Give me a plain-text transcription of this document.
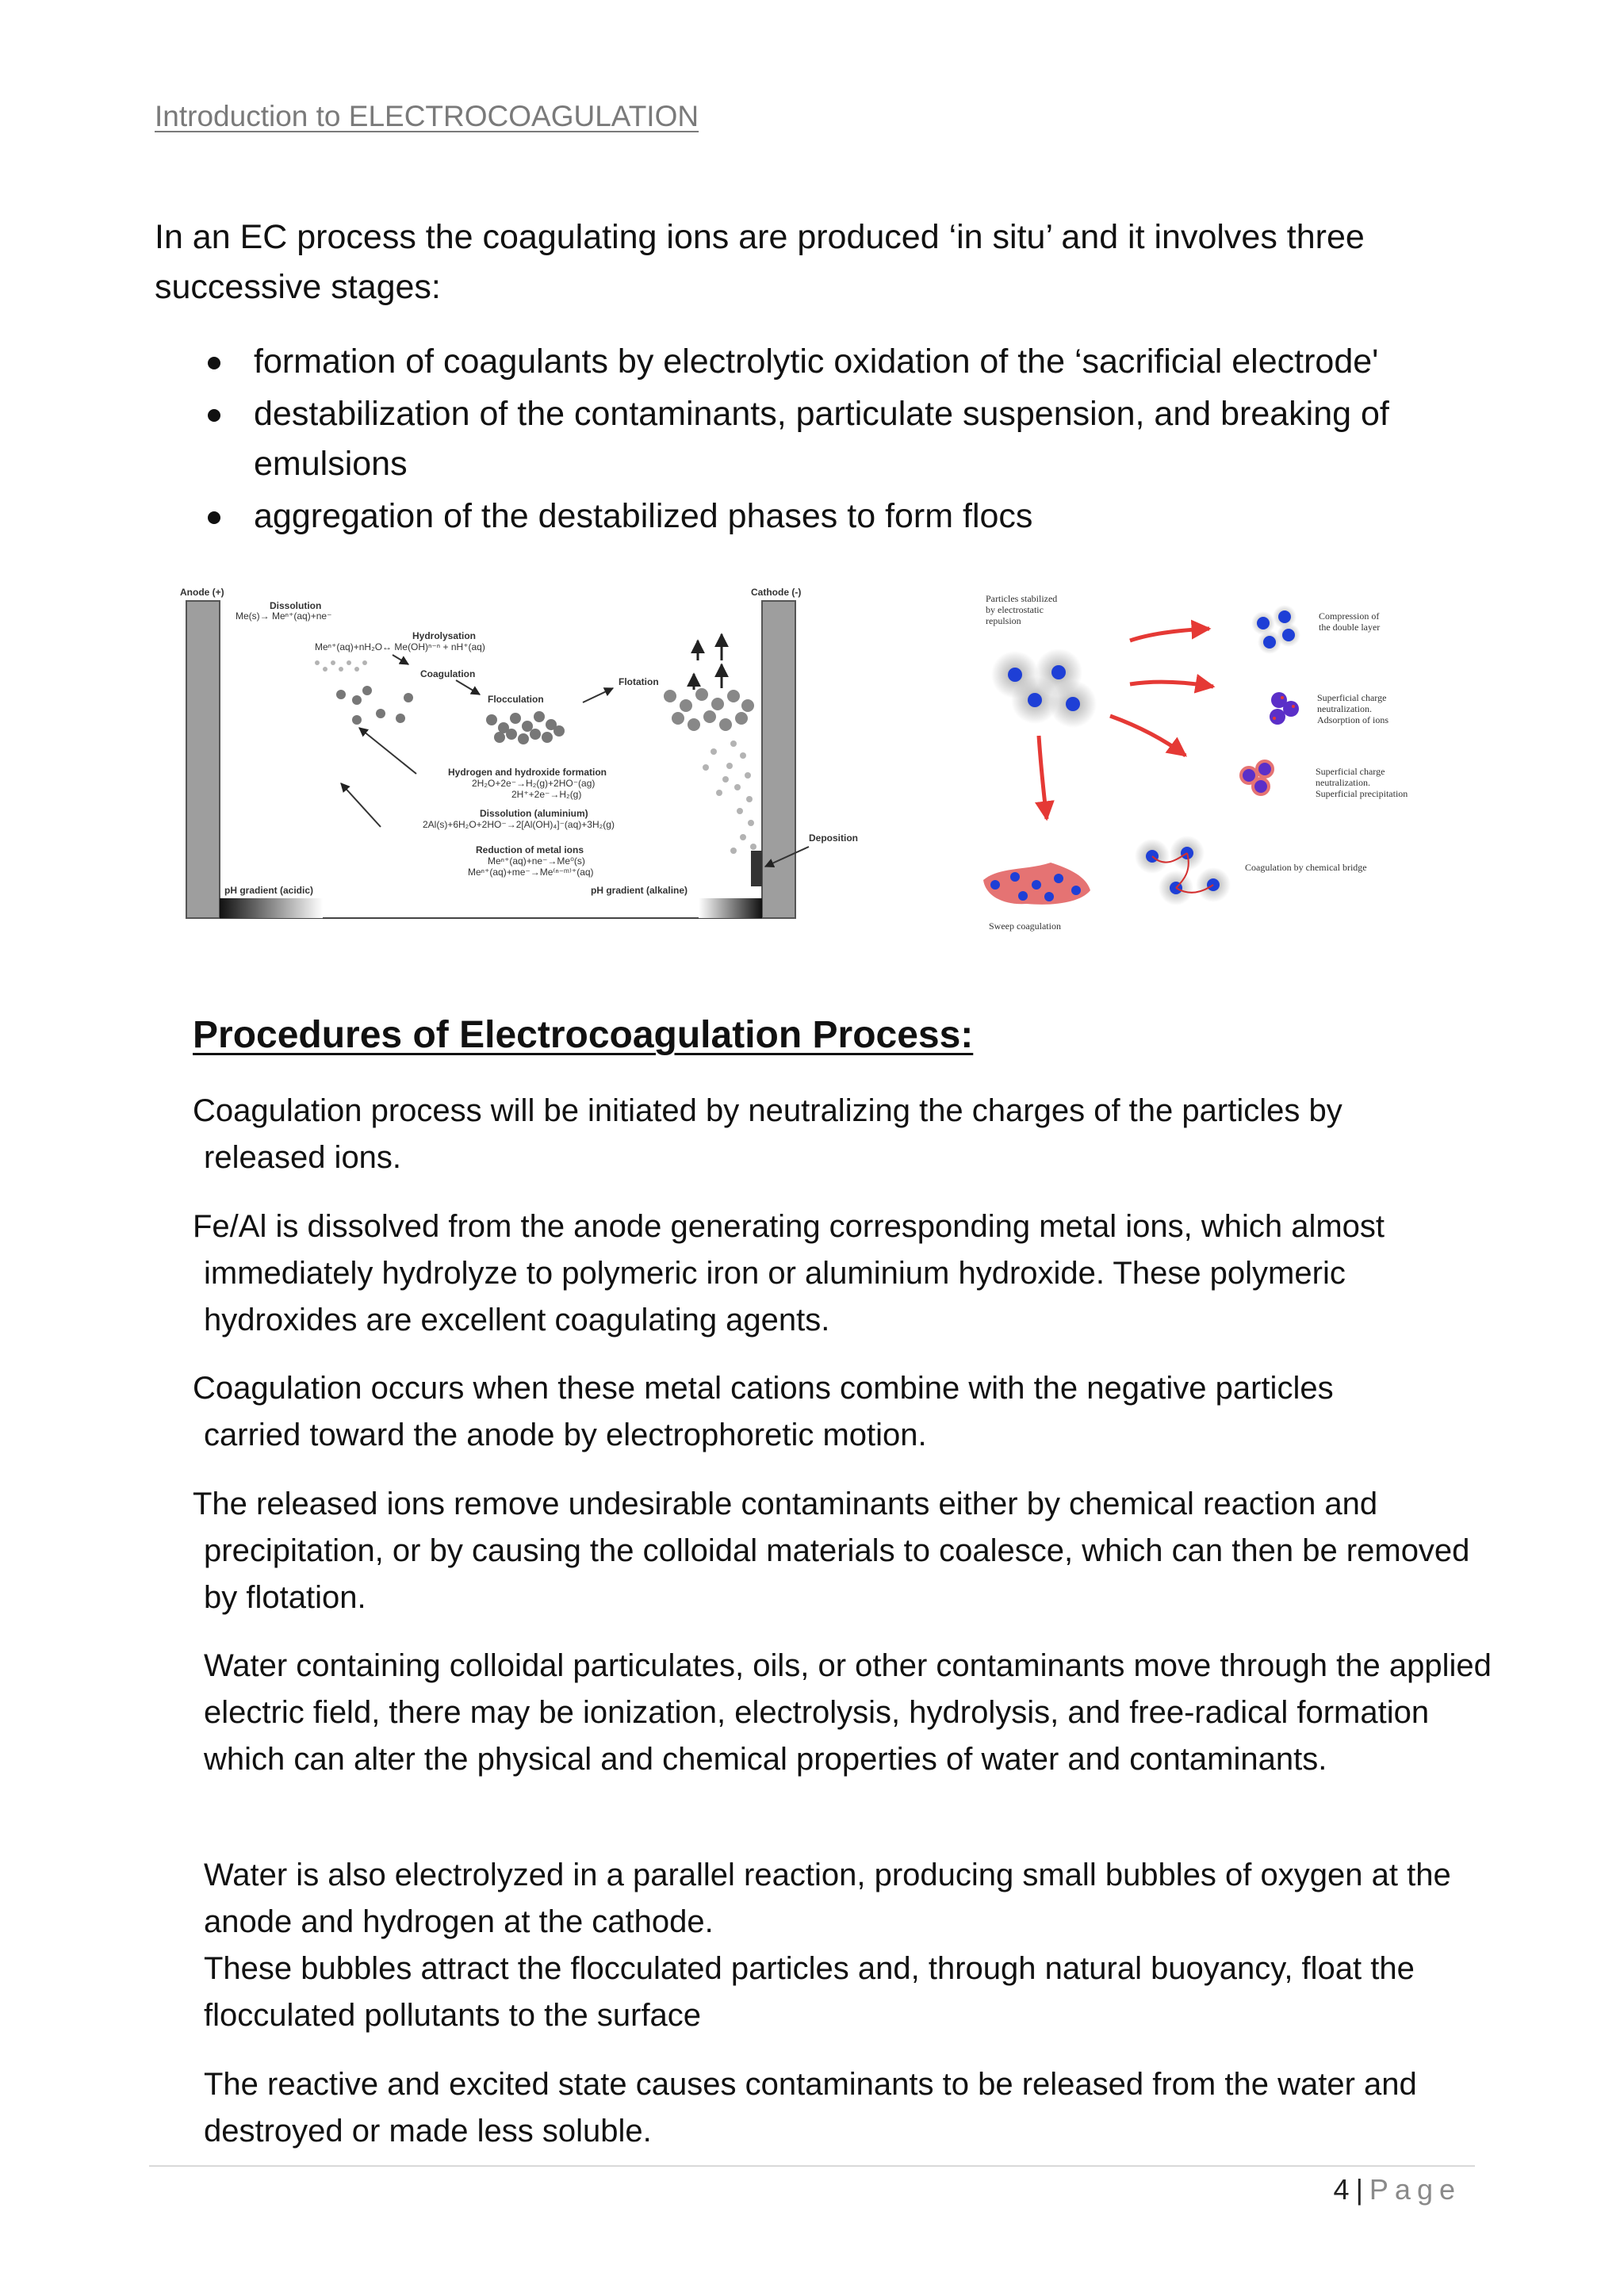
Introduction to ELECTROCOAGULATION
In an EC process the coagulating ions are produced ‘in situ’ and it involves three successive stages:
formation of coagulants by electrolytic oxidation of the ‘sacrificial electrode'
destabilization of the contaminants, particulate suspension, and breaking of emulsions
aggregation of the destabilized phases to form flocs
Anode (+)	Cathode (-)
Dissolution
Me(s)→ Meⁿ⁺(aq)+ne⁻
Hydrolysation
Meⁿ⁺(aq)+nH₂O↔ Me(OH)ⁿ⁻ⁿ + nH⁺(aq)
Coagulation
Flotation
Flocculation
Hydrogen and hydroxide formation
2H₂O+2e⁻→H₂(g)+2HO⁻(ag)
2H⁺+2e⁻→H₂(g)
Dissolution (aluminium)
2Al(s)+6H₂O+2HO⁻→2[Al(OH)₄]⁻(aq)+3H₂(g)
Reduction of metal ions
Meⁿ⁺(aq)+ne⁻→Me⁰(s)
Meⁿ⁺(aq)+me⁻→Me⁽ⁿ⁻ᵐ⁾⁺(aq)
Deposition
pH gradient (acidic)	pH gradient (alkaline)
Particles stabilized
by electrostatic
repulsion	Compression of
the double layer
Superficial charge
neutralization.
Adsorption of ions
Superficial charge
neutralization.
Superficial precipitation
Coagulation by chemical bridge
Sweep coagulation
Procedures of Electrocoagulation Process:
Coagulation process will be initiated by neutralizing the charges of the particles by
released ions.
Fe/Al is dissolved from the anode generating corresponding metal ions, which almost
immediately hydrolyze to polymeric iron or aluminium hydroxide. These polymeric hydroxides are excellent coagulating agents.
Coagulation occurs when these metal cations combine with the negative particles
carried toward the anode by electrophoretic motion.
The released ions remove undesirable contaminants either by chemical reaction and
precipitation, or by causing the colloidal materials to coalesce, which can then be removed by flotation.
Water containing colloidal particulates, oils, or other contaminants move through the applied electric field, there may be ionization, electrolysis, hydrolysis, and free-radical formation which can alter the physical and chemical properties of water and contaminants.
Water is also electrolyzed in a parallel reaction, producing small bubbles of oxygen at the anode and hydrogen at the cathode.
These bubbles attract the flocculated particles and, through natural buoyancy, float the flocculated pollutants to the surface
The reactive and excited state causes contaminants to be released from the water and destroyed or made less soluble.
4 | Page
